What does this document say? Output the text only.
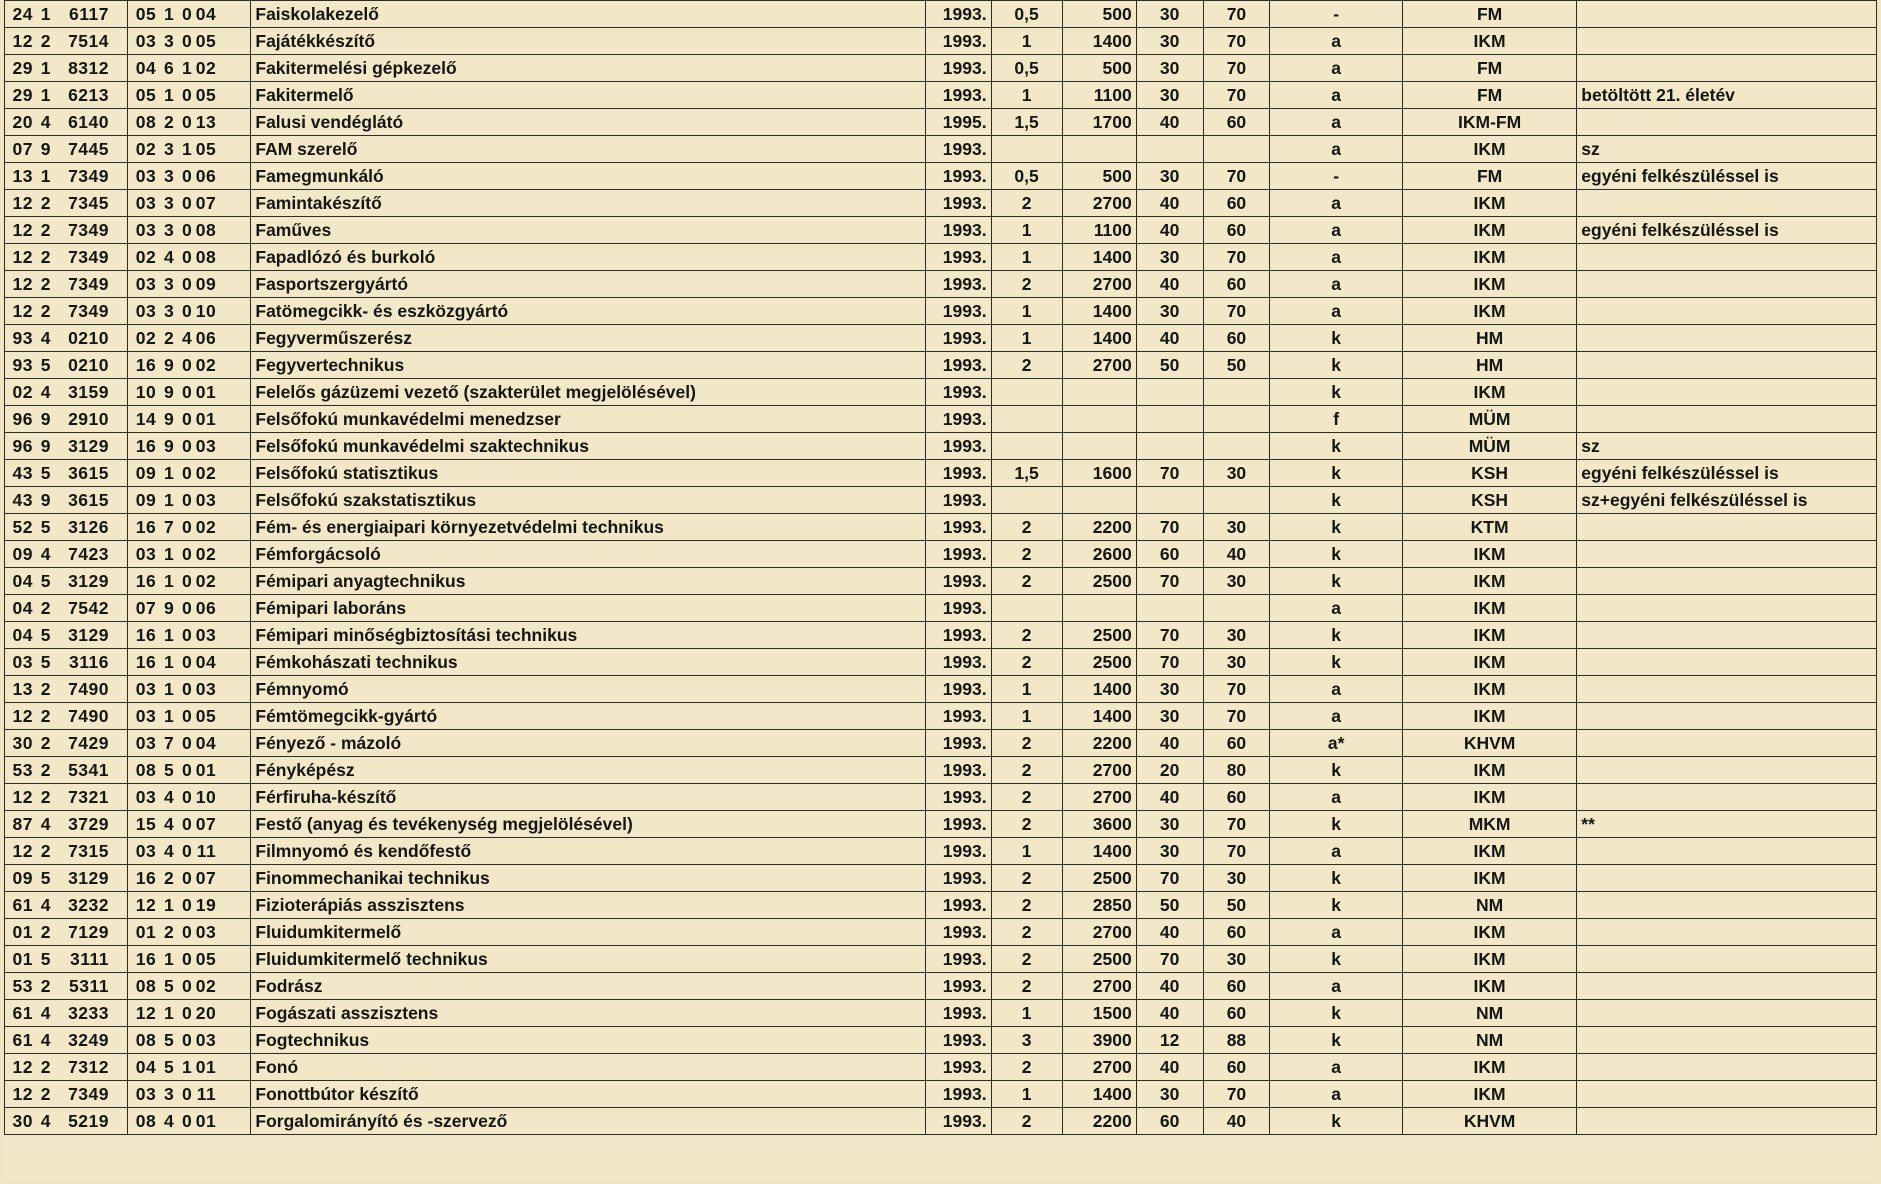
24 1 6117	05 1 0 04	Faiskolakezelő	1993.	0,5	500	30	70	-	FM	
12 2 7514	03 3 0 05	Fajátékkészítő	1993.	1	1400	30	70	a	IKM	
29 1 8312	04 6 1 02	Fakitermelési gépkezelő	1993.	0,5	500	30	70	a	FM	
29 1 6213	05 1 0 05	Fakitermelő	1993.	1	1100	30	70	a	FM	betöltött 21. életév
20 4 6140	08 2 0 13	Falusi vendéglátó	1995.	1,5	1700	40	60	a	IKM-FM	
07 9 7445	02 3 1 05	FAM szerelő	1993.					a	IKM	sz
13 1 7349	03 3 0 06	Famegmunkáló	1993.	0,5	500	30	70	-	FM	egyéni felkészüléssel is
12 2 7345	03 3 0 07	Famintakészítő	1993.	2	2700	40	60	a	IKM	
12 2 7349	03 3 0 08	Faműves	1993.	1	1100	40	60	a	IKM	egyéni felkészüléssel is
12 2 7349	02 4 0 08	Fapadlózó és burkoló	1993.	1	1400	30	70	a	IKM	
12 2 7349	03 3 0 09	Fasportszergyártó	1993.	2	2700	40	60	a	IKM	
12 2 7349	03 3 0 10	Fatömegcikk- és eszközgyártó	1993.	1	1400	30	70	a	IKM	
93 4 0210	02 2 4 06	Fegyverműszerész	1993.	1	1400	40	60	k	HM	
93 5 0210	16 9 0 02	Fegyvertechnikus	1993.	2	2700	50	50	k	HM	
02 4 3159	10 9 0 01	Felelős gázüzemi vezető (szakterület megjelölésével)	1993.					k	IKM	
96 9 2910	14 9 0 01	Felsőfokú munkavédelmi menedzser	1993.					f	MÜM	
96 9 3129	16 9 0 03	Felsőfokú munkavédelmi szaktechnikus	1993.					k	MÜM	sz
43 5 3615	09 1 0 02	Felsőfokú statisztikus	1993.	1,5	1600	70	30	k	KSH	egyéni felkészüléssel is
43 9 3615	09 1 0 03	Felsőfokú szakstatisztikus	1993.					k	KSH	sz+egyéni felkészüléssel is
52 5 3126	16 7 0 02	Fém- és energiaipari környezetvédelmi technikus	1993.	2	2200	70	30	k	KTM	
09 4 7423	03 1 0 02	Fémforgácsoló	1993.	2	2600	60	40	k	IKM	
04 5 3129	16 1 0 02	Fémipari anyagtechnikus	1993.	2	2500	70	30	k	IKM	
04 2 7542	07 9 0 06	Fémipari laboráns	1993.					a	IKM	
04 5 3129	16 1 0 03	Fémipari minőségbiztosítási technikus	1993.	2	2500	70	30	k	IKM	
03 5 3116	16 1 0 04	Fémkohászati technikus	1993.	2	2500	70	30	k	IKM	
13 2 7490	03 1 0 03	Fémnyomó	1993.	1	1400	30	70	a	IKM	
12 2 7490	03 1 0 05	Fémtömegcikk-gyártó	1993.	1	1400	30	70	a	IKM	
30 2 7429	03 7 0 04	Fényező - mázoló	1993.	2	2200	40	60	a*	KHVM	
53 2 5341	08 5 0 01	Fényképész	1993.	2	2700	20	80	k	IKM	
12 2 7321	03 4 0 10	Férfiruha-készítő	1993.	2	2700	40	60	a	IKM	
87 4 3729	15 4 0 07	Festő (anyag és tevékenység megjelölésével)	1993.	2	3600	30	70	k	MKM	**
12 2 7315	03 4 0 11	Filmnyomó és kendőfestő	1993.	1	1400	30	70	a	IKM	
09 5 3129	16 2 0 07	Finommechanikai technikus	1993.	2	2500	70	30	k	IKM	
61 4 3232	12 1 0 19	Fizioterápiás asszisztens	1993.	2	2850	50	50	k	NM	
01 2 7129	01 2 0 03	Fluidumkitermelő	1993.	2	2700	40	60	a	IKM	
01 5 3111	16 1 0 05	Fluidumkitermelő technikus	1993.	2	2500	70	30	k	IKM	
53 2 5311	08 5 0 02	Fodrász	1993.	2	2700	40	60	a	IKM	
61 4 3233	12 1 0 20	Fogászati asszisztens	1993.	1	1500	40	60	k	NM	
61 4 3249	08 5 0 03	Fogtechnikus	1993.	3	3900	12	88	k	NM	
12 2 7312	04 5 1 01	Fonó	1993.	2	2700	40	60	a	IKM	
12 2 7349	03 3 0 11	Fonottbútor készítő	1993.	1	1400	30	70	a	IKM	
30 4 5219	08 4 0 01	Forgalomirányító és -szervező	1993.	2	2200	60	40	k	KHVM	
